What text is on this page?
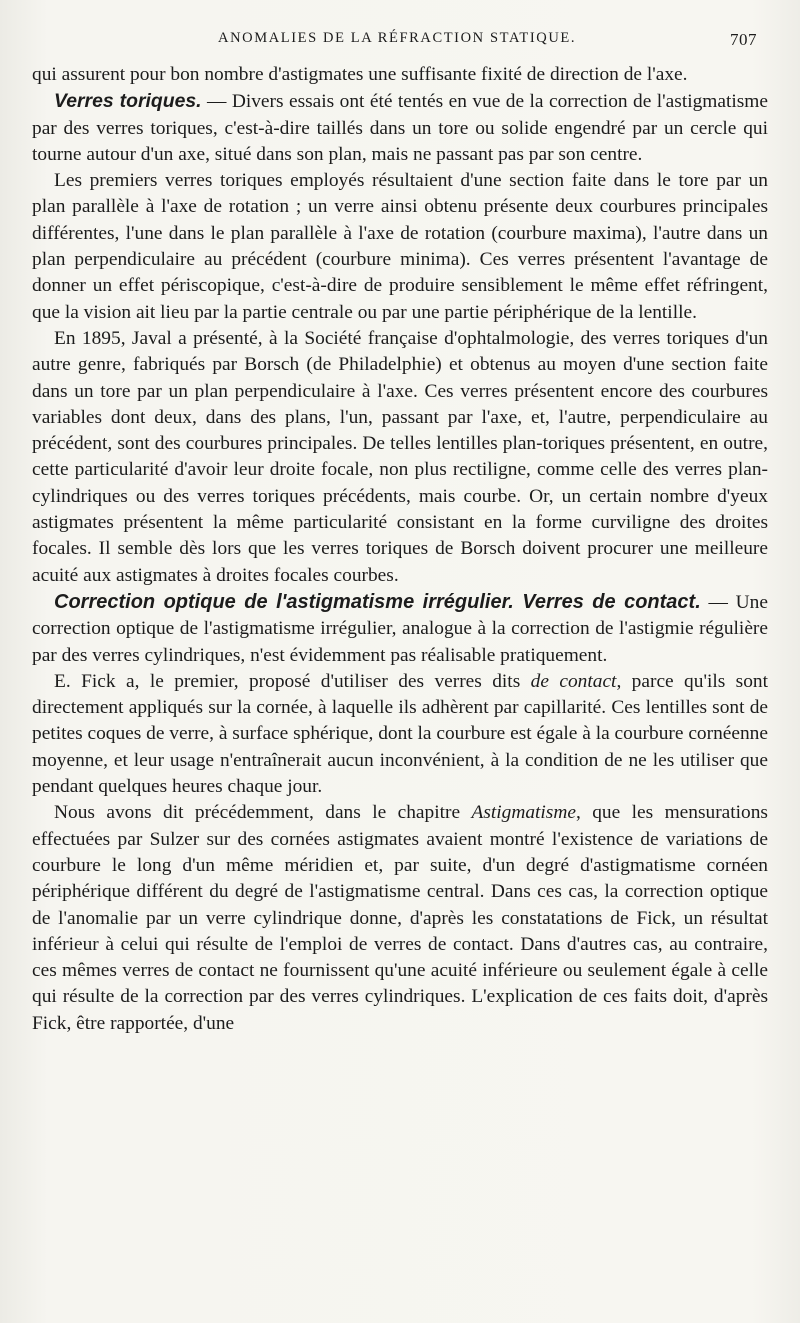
ANOMALIES DE LA RÉFRACTION STATIQUE.	707

qui assurent pour bon nombre d'astigmates une suffisante fixité de direction de l'axe.

Verres toriques. — Divers essais ont été tentés en vue de la correction de l'astigmatisme par des verres toriques, c'est-à-dire taillés dans un tore ou solide engendré par un cercle qui tourne autour d'un axe, situé dans son plan, mais ne passant pas par son centre.

Les premiers verres toriques employés résultaient d'une section faite dans le tore par un plan parallèle à l'axe de rotation ; un verre ainsi obtenu présente deux courbures principales différentes, l'une dans le plan parallèle à l'axe de rotation (courbure maxima), l'autre dans un plan perpendiculaire au précédent (courbure minima). Ces verres présentent l'avantage de donner un effet périscopique, c'est-à-dire de produire sensiblement le même effet réfringent, que la vision ait lieu par la partie centrale ou par une partie périphérique de la lentille.

En 1895, Javal a présenté, à la Société française d'ophtalmologie, des verres toriques d'un autre genre, fabriqués par Borsch (de Philadelphie) et obtenus au moyen d'une section faite dans un tore par un plan perpendiculaire à l'axe. Ces verres présentent encore des courbures variables dont deux, dans des plans, l'un, passant par l'axe, et, l'autre, perpendiculaire au précédent, sont des courbures principales. De telles lentilles plan-toriques présentent, en outre, cette particularité d'avoir leur droite focale, non plus rectiligne, comme celle des verres plan-cylindriques ou des verres toriques précédents, mais courbe. Or, un certain nombre d'yeux astigmates présentent la même particularité consistant en la forme curviligne des droites focales. Il semble dès lors que les verres toriques de Borsch doivent procurer une meilleure acuité aux astigmates à droites focales courbes.

Correction optique de l'astigmatisme irrégulier. Verres de contact. — Une correction optique de l'astigmatisme irrégulier, analogue à la correction de l'astigmie régulière par des verres cylindriques, n'est évidemment pas réalisable pratiquement.

E. Fick a, le premier, proposé d'utiliser des verres dits de contact, parce qu'ils sont directement appliqués sur la cornée, à laquelle ils adhèrent par capillarité. Ces lentilles sont de petites coques de verre, à surface sphérique, dont la courbure est égale à la courbure cornéenne moyenne, et leur usage n'entraînerait aucun inconvénient, à la condition de ne les utiliser que pendant quelques heures chaque jour.

Nous avons dit précédemment, dans le chapitre Astigmatisme, que les mensurations effectuées par Sulzer sur des cornées astigmates avaient montré l'existence de variations de courbure le long d'un même méridien et, par suite, d'un degré d'astigmatisme cornéen périphérique différent du degré de l'astigmatisme central. Dans ces cas, la correction optique de l'anomalie par un verre cylindrique donne, d'après les constatations de Fick, un résultat inférieur à celui qui résulte de l'emploi de verres de contact. Dans d'autres cas, au contraire, ces mêmes verres de contact ne fournissent qu'une acuité inférieure ou seulement égale à celle qui résulte de la correction par des verres cylindriques. L'explication de ces faits doit, d'après Fick, être rapportée, d'une
